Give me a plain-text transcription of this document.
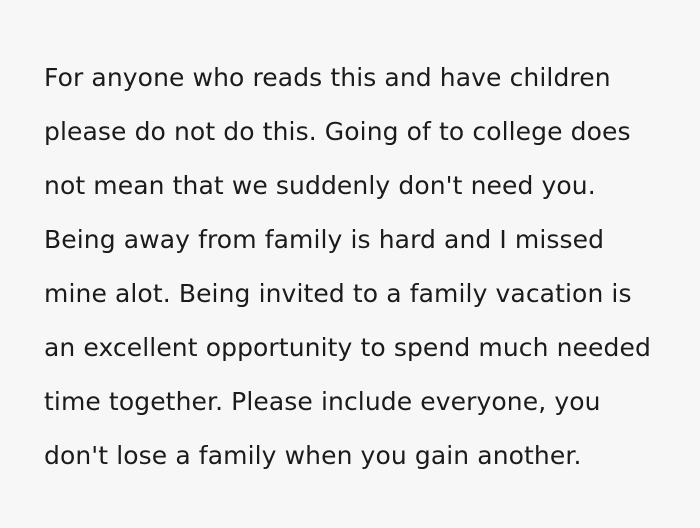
For anyone who reads this and have children please do not do this. Going of to college does not mean that we suddenly don't need you. Being away from family is hard and I missed mine alot. Being invited to a family vacation is an excellent opportunity to spend much needed time together. Please include everyone, you don't lose a family when you gain another.
